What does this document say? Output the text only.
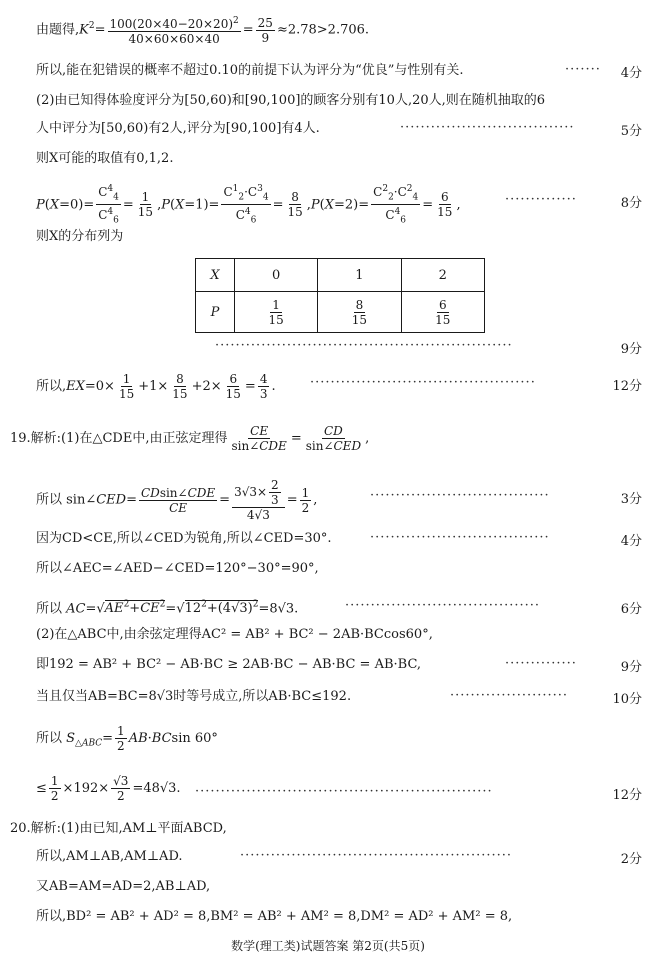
由题得$,K^2= \frac{100(20\times 40-20\times 20)^2}{40\times 60\times 60\times 40} = \frac{25}{9} \approx 2.78>2.706$.
所以,能在犯错误的概率不超过0.10的前提下认为评分为“优良”与性别有关.	·······	4分
(2)由已知得体验度评分为[50,60)和[90,100]的顾客分别有10人,20人,则在随机抽取的6
人中评分为[50,60)有2人,评分为[90,100]有4人.	··································	5分
则X可能的取值有0,1,2.
$P(X=0)= \frac{C^4_4}{C^4_6} = \frac{1}{15} ,P(X=1)= \frac{C^1_2\cdot C^3_4}{C^4_6} = \frac{8}{15} ,P(X=2)= \frac{C^2_2\cdot C^2_4}{C^4_6} = \frac{6}{15}$ ,	··············	8分
则X的分布列为
X	0	1	2
P	$\frac{1}{15}$	$\frac{8}{15}$	$\frac{6}{15}$
··························································	9分
所以$,EX=0\times \frac{1}{15} +1\times \frac{8}{15} +2\times \frac{6}{15} = \frac{4}{3}$ .	············································	12分
19.解析:(1)在△CDE中,由正弦定理得 $\frac{CE}{\text{sin∠CDE}} = \frac{CD}{\text{sin∠CED}}$ ,
所以 sin∠CED= $\frac{\text{CDsin∠CDE}}{CE} = \frac{3√3\times \frac{2}{3}}{4√3} = \frac{1}{2}$ ,	···································	3分
因为CD<CE,所以∠CED为锐角,所以∠CED=30°.	···································	4分
所以∠AEC=∠AED−∠CED=120°−30°=90°,
所以 $AC=√AE^2+CE^2=√12^2+(4√3)^2=8√3$.	······································	6分
(2)在△ABC中,由余弦定理得AC² = AB² + BC² − 2AB·BCcos60°,
即192 = AB² + BC² − AB·BC ≥ 2AB·BC − AB·BC = AB·BC,	··············	9分
当且仅当AB=BC=8√3时等号成立,所以AB·BC≤192.	·······················	10分
所以 $S_{\triangle ABC}= \frac{1}{2} AB\cdot BCsin$ 60°
≤ $\frac{1}{2} \times 192\times \frac{√3}{2} =48√3$.	··························································	12分
20.解析:(1)由已知,AM⊥平面ABCD,
所以,AM⊥AB,AM⊥AD.	·····················································	2分
又AB=AM=AD=2,AB⊥AD,
所以,BD² = AB² + AD² = 8,BM² = AB² + AM² = 8,DM² = AD² + AM² = 8,
数学(理工类)试题答案 第2页(共5页)
